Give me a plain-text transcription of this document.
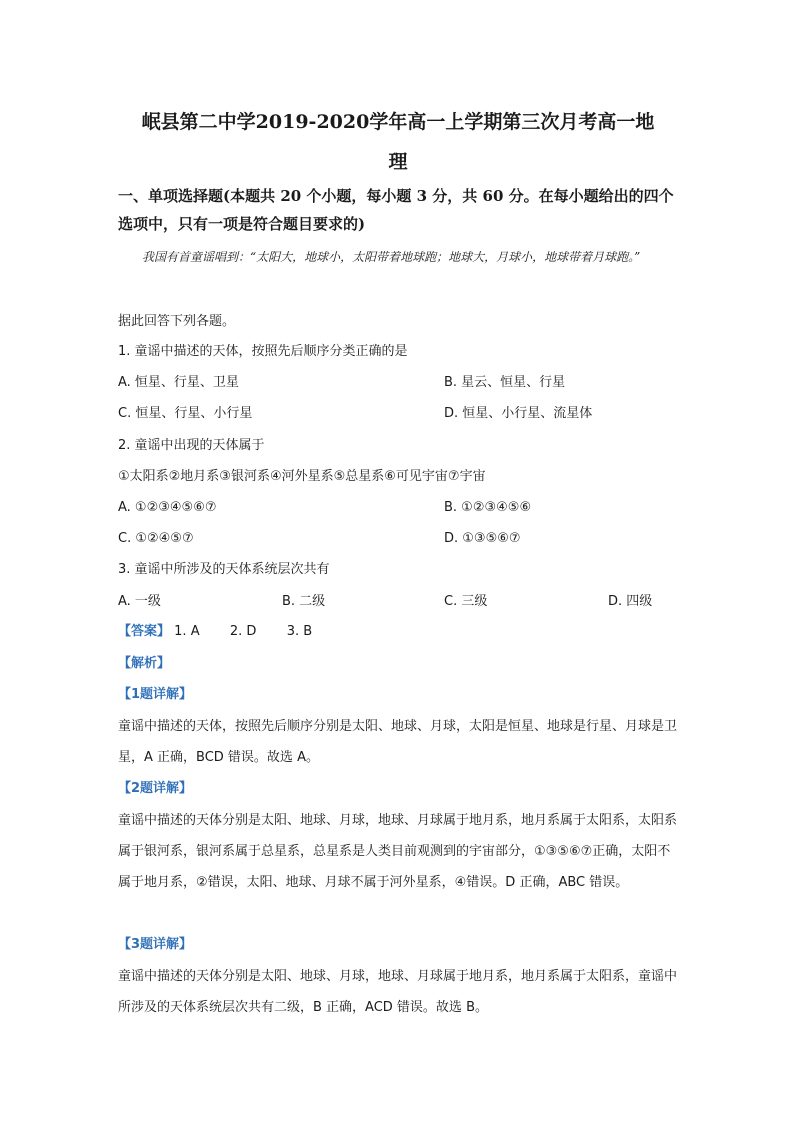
岷县第二中学2019-2020学年高一上学期第三次月考高一地
理
一、单项选择题(本题共 20 个小题，每小题 3 分，共 60 分。在每小题给出的四个选项中，只有一项是符合题目要求的)
我国有首童谣唱到：“太阳大，地球小，太阳带着地球跑；地球大，月球小，地球带着月球跑。”
据此回答下列各题。
1. 童谣中描述的天体，按照先后顺序分类正确的是
A. 恒星、行星、卫星	B. 星云、恒星、行星
C. 恒星、行星、小行星	D. 恒星、小行星、流星体
2. 童谣中出现的天体属于
①太阳系②地月系③银河系④河外星系⑤总星系⑥可见宇宙⑦宇宙
A. ①②③④⑤⑥⑦	B. ①②③④⑤⑥
C. ①②④⑤⑦	D. ①③⑤⑥⑦
3. 童谣中所涉及的天体系统层次共有
A. 一级	B. 二级	C. 三级	D. 四级
【答案】 1. A 2. D 3. B
【解析】
【1题详解】
童谣中描述的天体，按照先后顺序分别是太阳、地球、月球，太阳是恒星、地球是行星、月球是卫星，A 正确，BCD 错误。故选 A。
【2题详解】
童谣中描述的天体分别是太阳、地球、月球，地球、月球属于地月系，地月系属于太阳系，太阳系属于银河系，银河系属于总星系，总星系是人类目前观测到的宇宙部分，①③⑤⑥⑦正确，太阳不属于地月系，②错误，太阳、地球、月球不属于河外星系，④错误。D 正确，ABC 错误。
【3题详解】
童谣中描述的天体分别是太阳、地球、月球，地球、月球属于地月系，地月系属于太阳系，童谣中所涉及的天体系统层次共有二级，B 正确，ACD 错误。故选 B。
